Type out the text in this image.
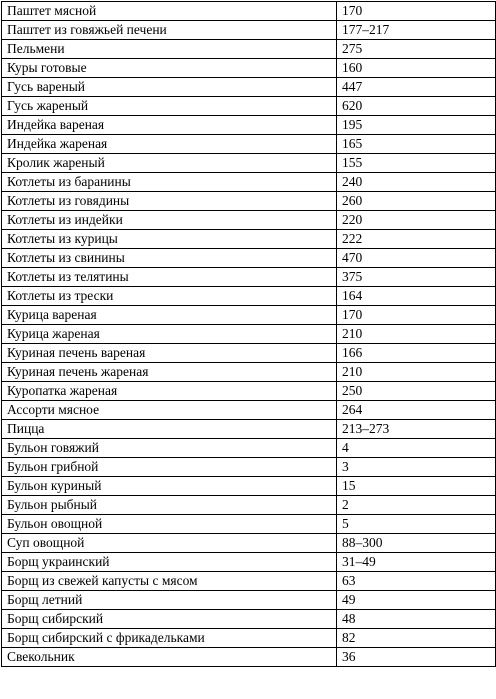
Паштет мясной	170
Паштет из говяжьей печени	177–217
Пельмени	275
Куры готовые	160
Гусь вареный	447
Гусь жареный	620
Индейка вареная	195
Индейка жареная	165
Кролик жареный	155
Котлеты из баранины	240
Котлеты из говядины	260
Котлеты из индейки	220
Котлеты из курицы	222
Котлеты из свинины	470
Котлеты из телятины	375
Котлеты из трески	164
Курица вареная	170
Курица жареная	210
Куриная печень вареная	166
Куриная печень жареная	210
Куропатка жареная	250
Ассорти мясное	264
Пицца	213–273
Бульон говяжий	4
Бульон грибной	3
Бульон куриный	15
Бульон рыбный	2
Бульон овощной	5
Суп овощной	88–300
Борщ украинский	31–49
Борщ из свежей капусты с мясом	63
Борщ летний	49
Борщ сибирский	48
Борщ сибирский с фрикадельками	82
Свекольник	36
